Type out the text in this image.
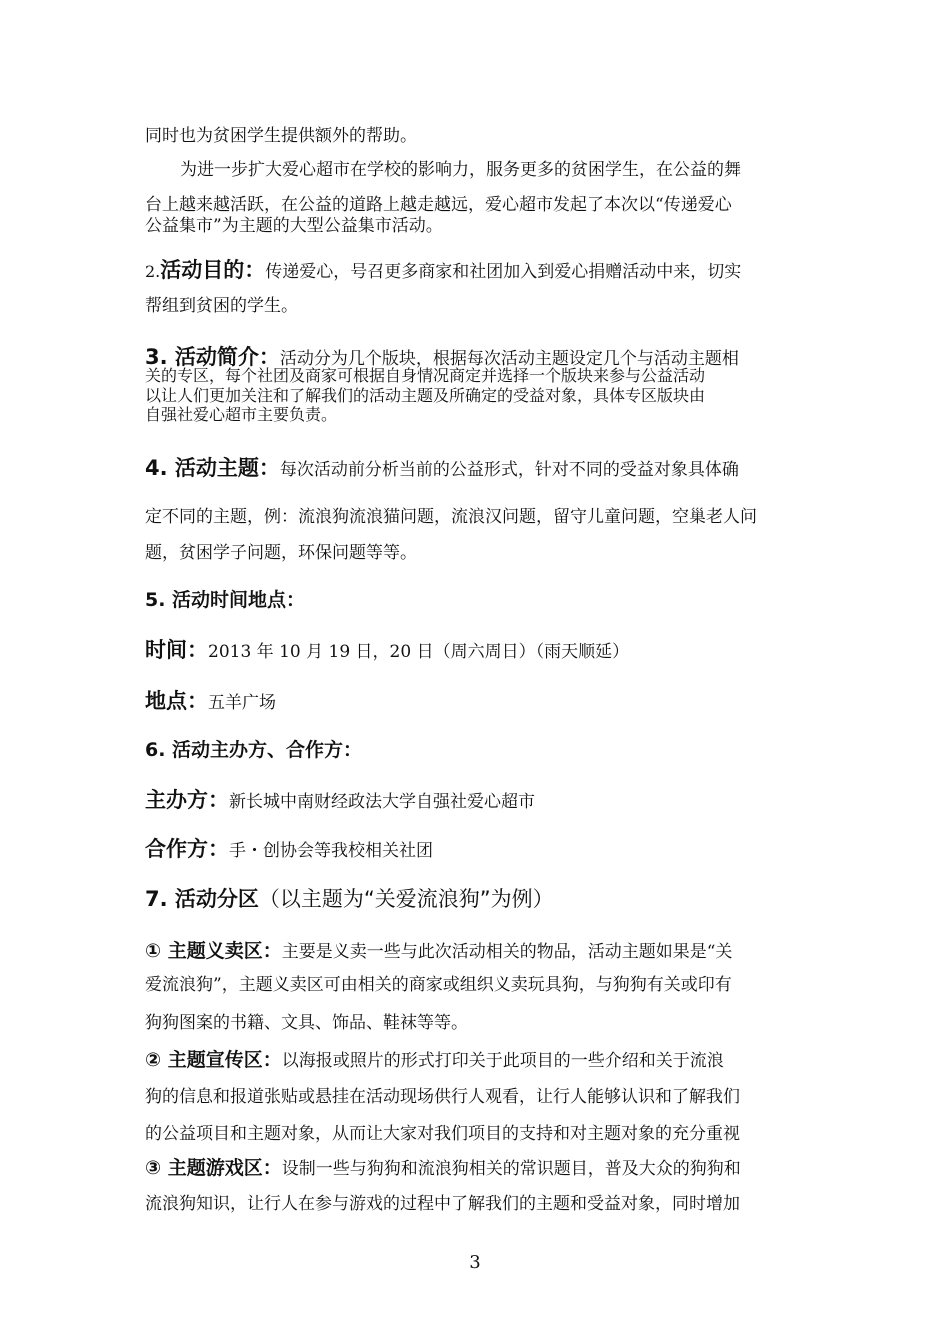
同时也为贫困学生提供额外的帮助。
为进一步扩大爱心超市在学校的影响力，服务更多的贫困学生，在公益的舞
台上越来越活跃，在公益的道路上越走越远，爱心超市发起了本次以“传递爱心
公益集市”为主题的大型公益集市活动。
2.活动目的：传递爱心，号召更多商家和社团加入到爱心捐赠活动中来，切实
帮组到贫困的学生。
3. 活动简介：活动分为几个版块，根据每次活动主题设定几个与活动主题相
关的专区，每个社团及商家可根据自身情况商定并选择一个版块来参与公益活动
以让人们更加关注和了解我们的活动主题及所确定的受益对象，具体专区版块由
自强社爱心超市主要负责。
4. 活动主题：每次活动前分析当前的公益形式，针对不同的受益对象具体确
定不同的主题，例：流浪狗流浪猫问题，流浪汉问题，留守儿童问题，空巢老人问
题，贫困学子问题，环保问题等等。
5. 活动时间地点：
时间：2013 年 10 月 19 日，20 日（周六周日）（雨天顺延）
地点：五羊广场
6. 活动主办方、合作方：
主办方：新长城中南财经政法大学自强社爱心超市
合作方：手・创协会等我校相关社团
7. 活动分区（以主题为“关爱流浪狗”为例）
① 主题义卖区：主要是义卖一些与此次活动相关的物品，活动主题如果是“关
爱流浪狗”，主题义卖区可由相关的商家或组织义卖玩具狗，与狗狗有关或印有
狗狗图案的书籍、文具、饰品、鞋袜等等。
② 主题宣传区：以海报或照片的形式打印关于此项目的一些介绍和关于流浪
狗的信息和报道张贴或悬挂在活动现场供行人观看，让行人能够认识和了解我们
的公益项目和主题对象，从而让大家对我们项目的支持和对主题对象的充分重视
③ 主题游戏区：设制一些与狗狗和流浪狗相关的常识题目，普及大众的狗狗和
流浪狗知识，让行人在参与游戏的过程中了解我们的主题和受益对象，同时增加
3
